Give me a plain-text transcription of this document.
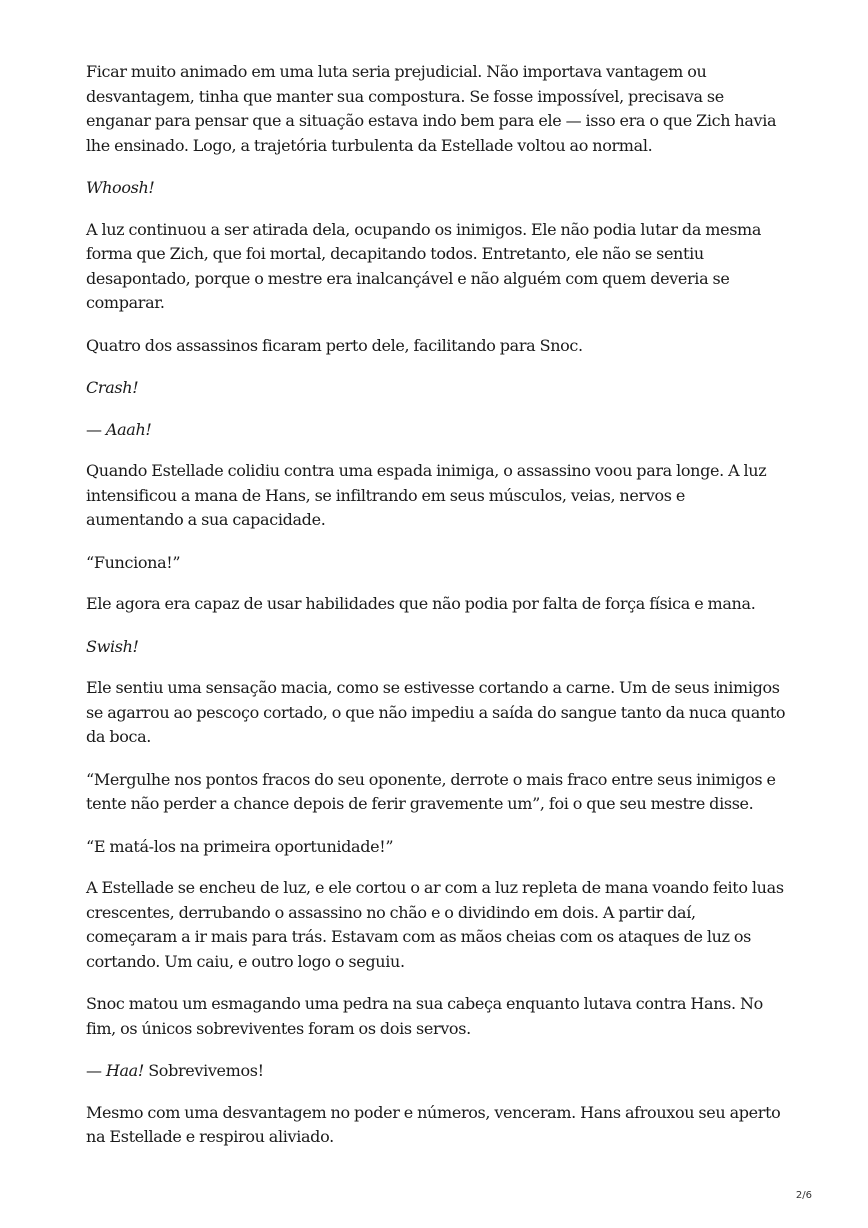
Ficar muito animado em uma luta seria prejudicial. Não importava vantagem ou desvantagem, tinha que manter sua compostura. Se fosse impossível, precisava se enganar para pensar que a situação estava indo bem para ele — isso era o que Zich havia lhe ensinado. Logo, a trajetória turbulenta da Estellade voltou ao normal.

Whoosh!

A luz continuou a ser atirada dela, ocupando os inimigos. Ele não podia lutar da mesma forma que Zich, que foi mortal, decapitando todos. Entretanto, ele não se sentiu desapontado, porque o mestre era inalcançável e não alguém com quem deveria se comparar.

Quatro dos assassinos ficaram perto dele, facilitando para Snoc.

Crash!

— Aaah!

Quando Estellade colidiu contra uma espada inimiga, o assassino voou para longe. A luz intensificou a mana de Hans, se infiltrando em seus músculos, veias, nervos e aumentando a sua capacidade.

“Funciona!”

Ele agora era capaz de usar habilidades que não podia por falta de força física e mana.

Swish!

Ele sentiu uma sensação macia, como se estivesse cortando a carne. Um de seus inimigos se agarrou ao pescoço cortado, o que não impediu a saída do sangue tanto da nuca quanto da boca.

“Mergulhe nos pontos fracos do seu oponente, derrote o mais fraco entre seus inimigos e tente não perder a chance depois de ferir gravemente um”, foi o que seu mestre disse.

“E matá-los na primeira oportunidade!”

A Estellade se encheu de luz, e ele cortou o ar com a luz repleta de mana voando feito luas crescentes, derrubando o assassino no chão e o dividindo em dois. A partir daí, começaram a ir mais para trás. Estavam com as mãos cheias com os ataques de luz os cortando. Um caiu, e outro logo o seguiu.

Snoc matou um esmagando uma pedra na sua cabeça enquanto lutava contra Hans. No fim, os únicos sobreviventes foram os dois servos.

— Haa! Sobrevivemos!

Mesmo com uma desvantagem no poder e números, venceram. Hans afrouxou seu aperto na Estellade e respirou aliviado.

2/6
